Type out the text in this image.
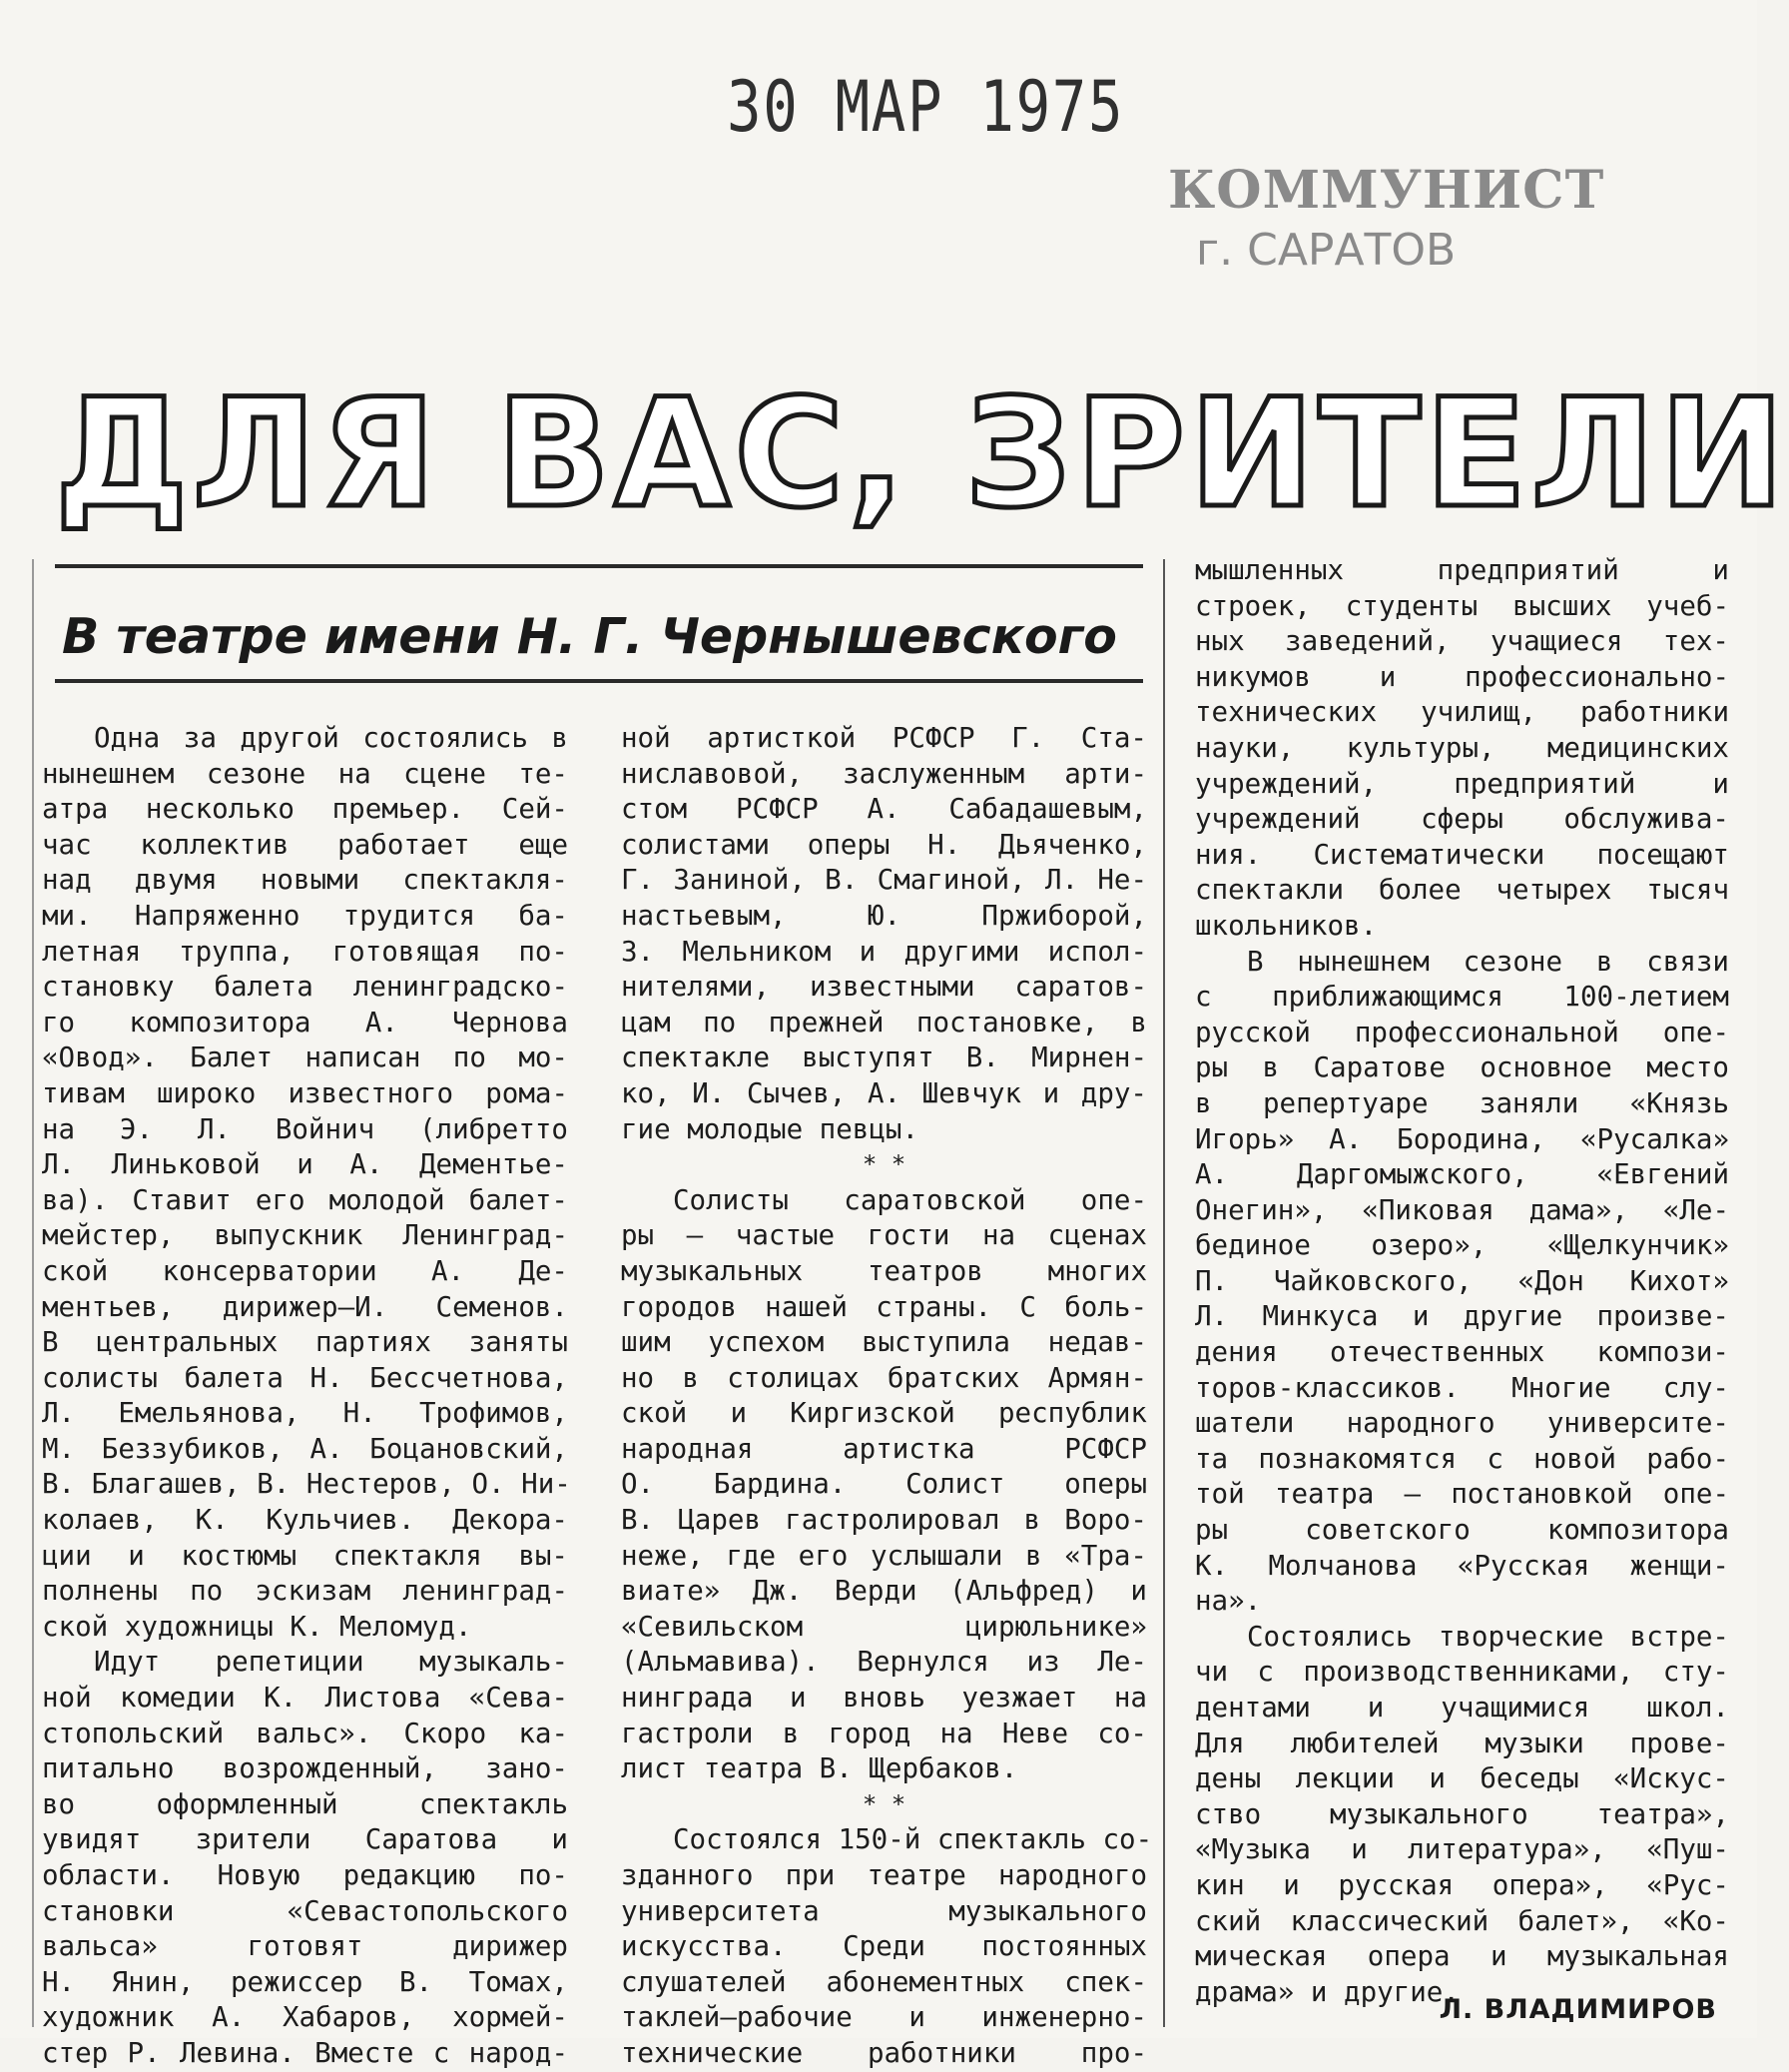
30 МАР 1975
КОММУНИСТ
г. САРАТОВ
ДЛЯ ВАС, ЗРИТЕЛИ
В театре имени Н. Г. Чернышевского
Одна за другой состоялись в
нынешнем сезоне на сцене те-
атра несколько премьер. Сей-
час коллектив работает еще
над двумя новыми спектакля-
ми. Напряженно трудится ба-
летная труппа, готовящая по-
становку балета ленинградско-
го композитора А. Чернова
«Овод». Балет написан по мо-
тивам широко известного рома-
на Э. Л. Войнич (либретто
Л. Линьковой и А. Дементье-
ва). Ставит его молодой балет-
мейстер, выпускник Ленинград-
ской консерватории А. Де-
ментьев, дирижер—И. Семенов.
В центральных партиях заняты
солисты балета Н. Бессчетнова,
Л. Емельянова, Н. Трофимов,
М. Беззубиков, А. Боцановский,
В. Благашев, В. Нестеров, О. Ни-
колаев, К. Кульчиев. Декора-
ции и костюмы спектакля вы-
полнены по эскизам ленинград-
ской художницы К. Меломуд.
Идут репетиции музыкаль-
ной комедии К. Листова «Сева-
стопольский вальс». Скоро ка-
питально возрожденный, зано-
во оформленный спектакль
увидят зрители Саратова и
области. Новую редакцию по-
становки «Севастопольского
вальса» готовят дирижер
Н. Янин, режиссер В. Томах,
художник А. Хабаров, хормей-
стер Р. Левина. Вместе с народ-
ной артисткой РСФСР Г. Ста-
ниславовой, заслуженным арти-
стом РСФСР А. Сабадашевым,
солистами оперы Н. Дьяченко,
Г. Заниной, В. Смагиной, Л. Не-
настьевым, Ю. Пржиборой,
З. Мельником и другими испол-
нителями, известными саратов-
цам по прежней постановке, в
спектакле выступят В. Мирнен-
ко, И. Сычев, А. Шевчук и дру-
гие молодые певцы.
* *
Солисты саратовской опе-
ры — частые гости на сценах
музыкальных театров многих
городов нашей страны. С боль-
шим успехом выступила недав-
но в столицах братских Армян-
ской и Киргизской республик
народная артистка РСФСР
О. Бардина. Солист оперы
В. Царев гастролировал в Воро-
неже, где его услышали в «Тра-
виате» Дж. Верди (Альфред) и
«Севильском цирюльнике»
(Альмавива). Вернулся из Ле-
нинграда и вновь уезжает на
гастроли в город на Неве со-
лист театра В. Щербаков.
* *
Состоялся 150-й спектакль со-
зданного при театре народного
университета музыкального
искусства. Среди постоянных
слушателей абонементных спек-
таклей—рабочие и инженерно-
технические работники про-
мышленных предприятий и
строек, студенты высших учеб-
ных заведений, учащиеся тех-
никумов и профессионально-
технических училищ, работники
науки, культуры, медицинских
учреждений, предприятий и
учреждений сферы обслужива-
ния. Систематически посещают
спектакли более четырех тысяч
школьников.
В нынешнем сезоне в связи
с приближающимся 100-летием
русской профессиональной опе-
ры в Саратове основное место
в репертуаре заняли «Князь
Игорь» А. Бородина, «Русалка»
А. Даргомыжского, «Евгений
Онегин», «Пиковая дама», «Ле-
бединое озеро», «Щелкунчик»
П. Чайковского, «Дон Кихот»
Л. Минкуса и другие произве-
дения отечественных компози-
торов-классиков. Многие слу-
шатели народного университе-
та познакомятся с новой рабо-
той театра — постановкой опе-
ры советского композитора
К. Молчанова «Русская женщи-
на».
Состоялись творческие встре-
чи с производственниками, сту-
дентами и учащимися школ.
Для любителей музыки прове-
дены лекции и беседы «Искус-
ство музыкального театра»,
«Музыка и литература», «Пуш-
кин и русская опера», «Рус-
ский классический балет», «Ко-
мическая опера и музыкальная
драма» и другие.
Л. ВЛАДИМИРОВ
